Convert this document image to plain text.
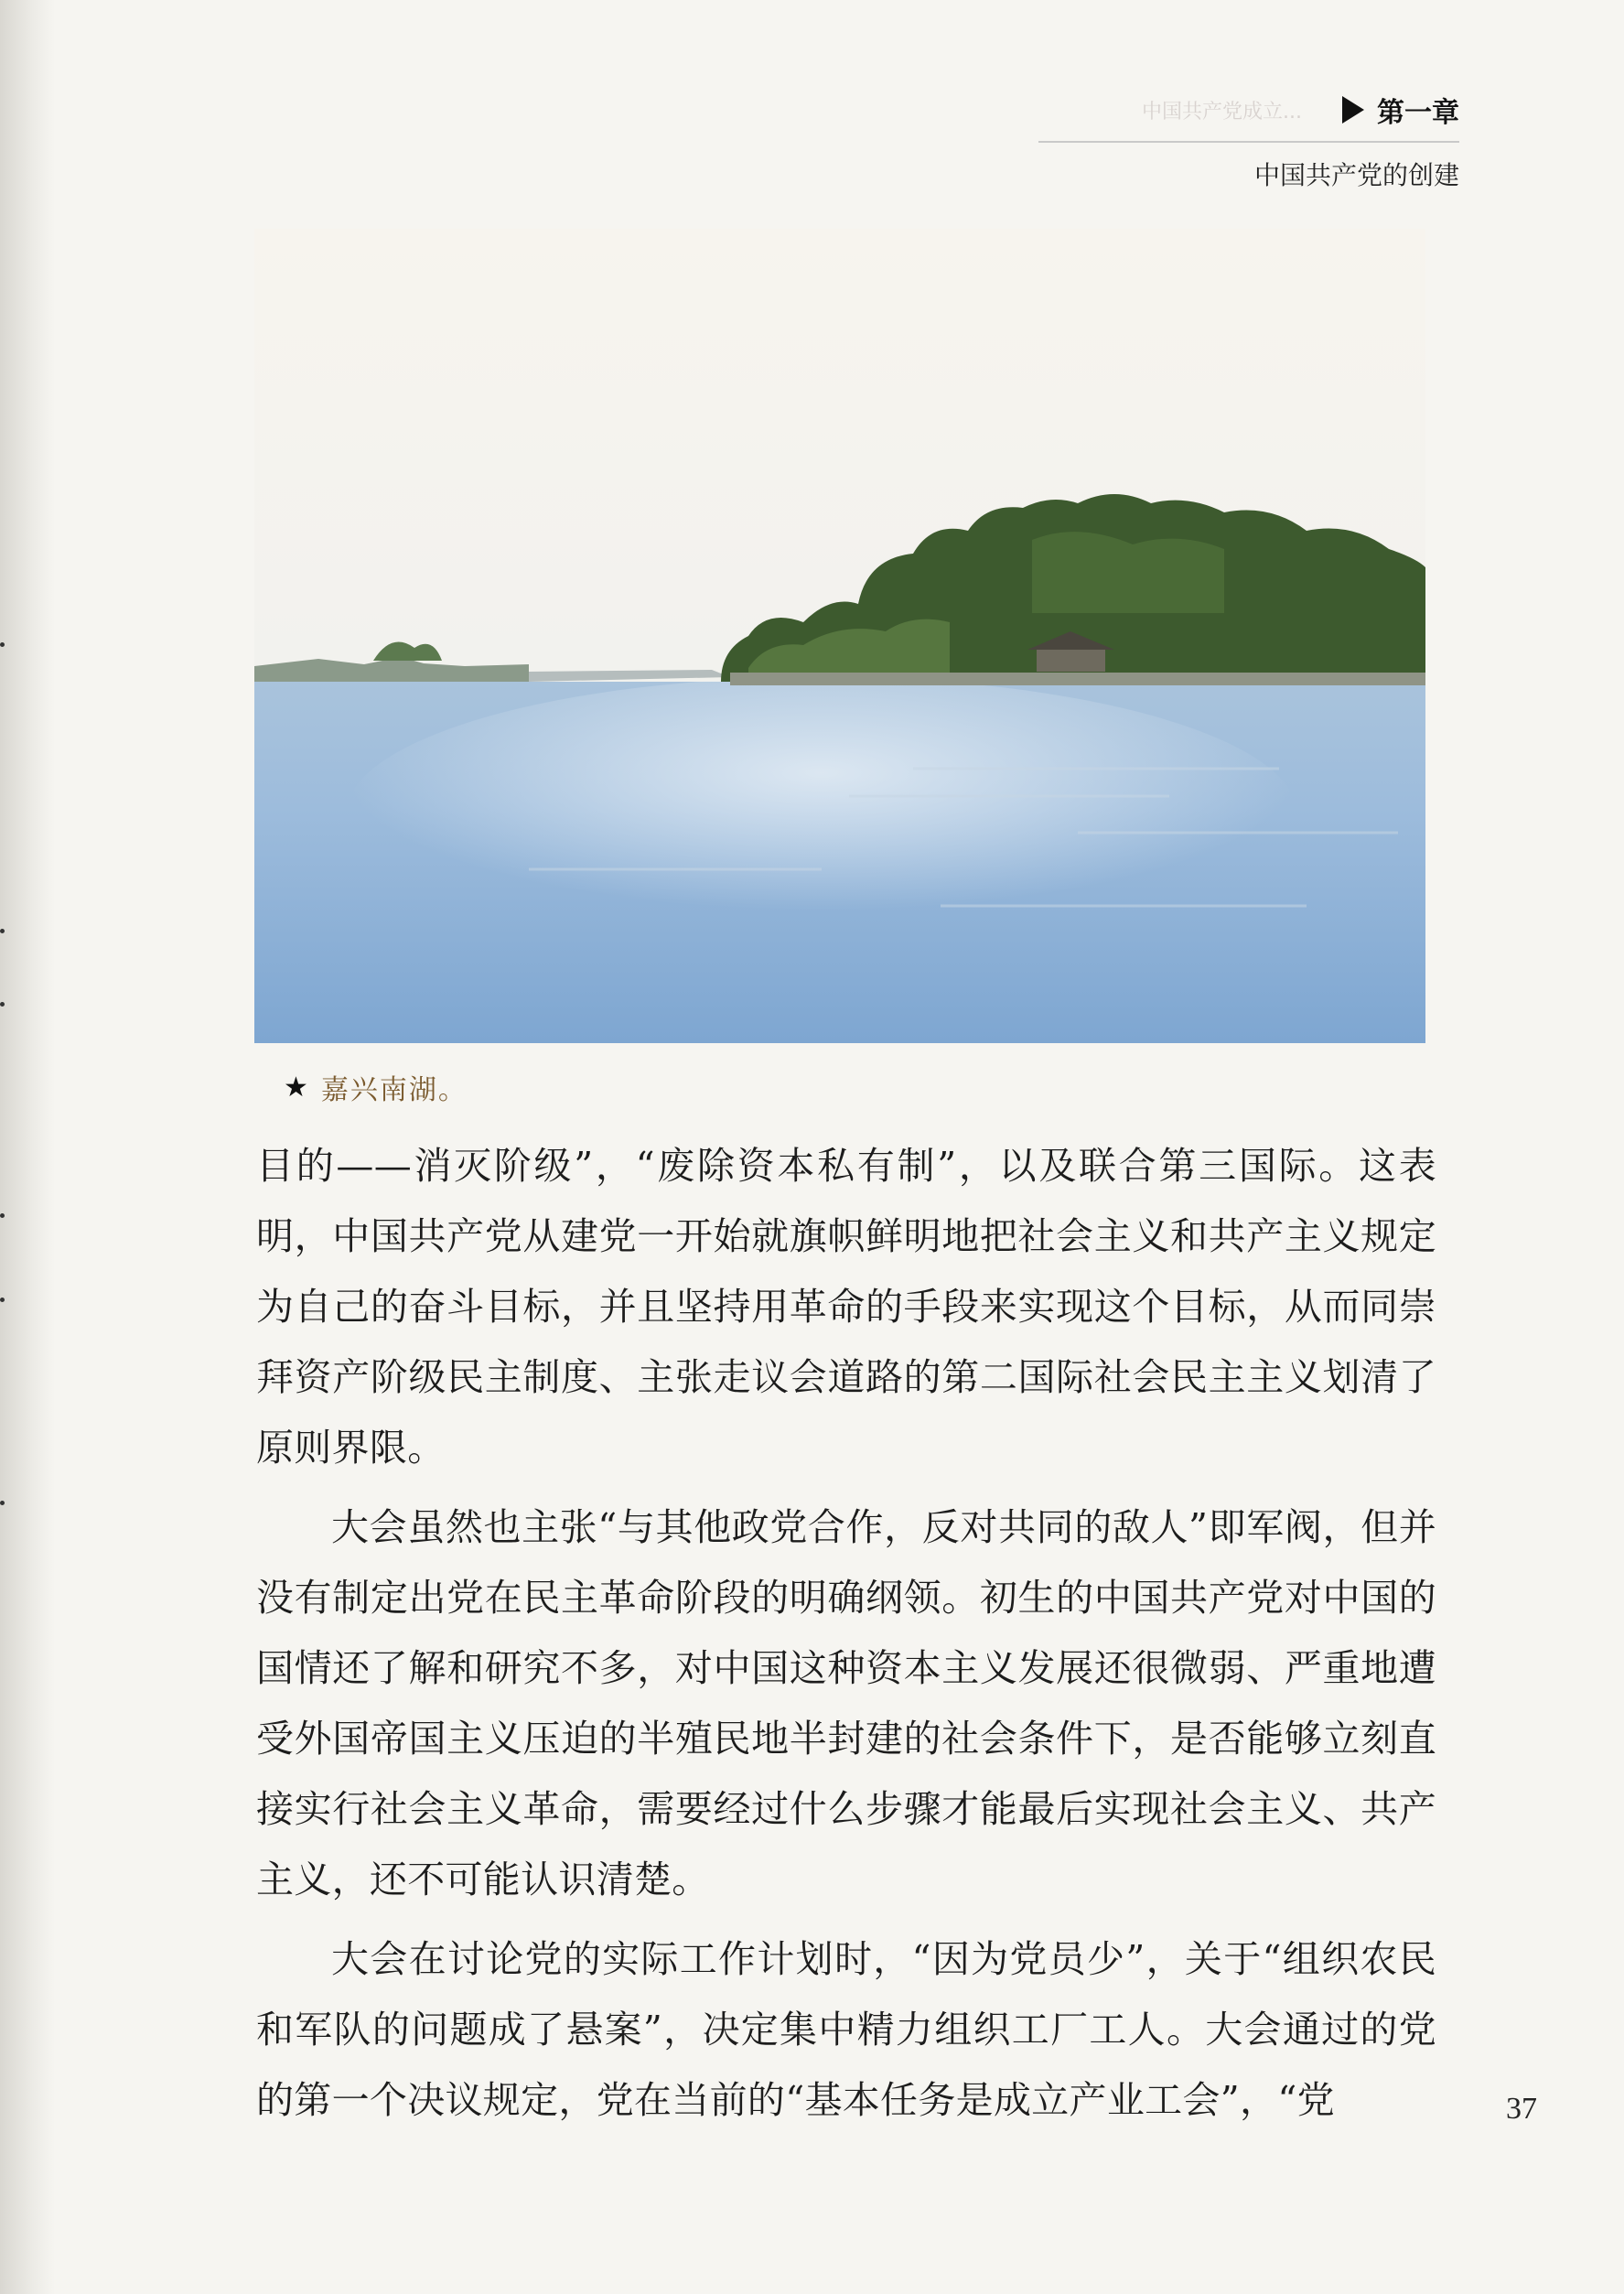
中国共产党成立...	第一章
中国共产党的创建
★ 嘉兴南湖。

目的——消灭阶级”，“废除资本私有制”，以及联合第三国际。这表明，中国共产党从建党一开始就旗帜鲜明地把社会主义和共产主义规定为自己的奋斗目标，并且坚持用革命的手段来实现这个目标，从而同崇拜资产阶级民主制度、主张走议会道路的第二国际社会民主主义划清了原则界限。

大会虽然也主张“与其他政党合作，反对共同的敌人”即军阀，但并没有制定出党在民主革命阶段的明确纲领。初生的中国共产党对中国的国情还了解和研究不多，对中国这种资本主义发展还很微弱、严重地遭受外国帝国主义压迫的半殖民地半封建的社会条件下，是否能够立刻直接实行社会主义革命，需要经过什么步骤才能最后实现社会主义、共产主义，还不可能认识清楚。

大会在讨论党的实际工作计划时，“因为党员少”，关于“组织农民和军队的问题成了悬案”，决定集中精力组织工厂工人。大会通过的党的第一个决议规定，党在当前的“基本任务是成立产业工会”，“党	37
